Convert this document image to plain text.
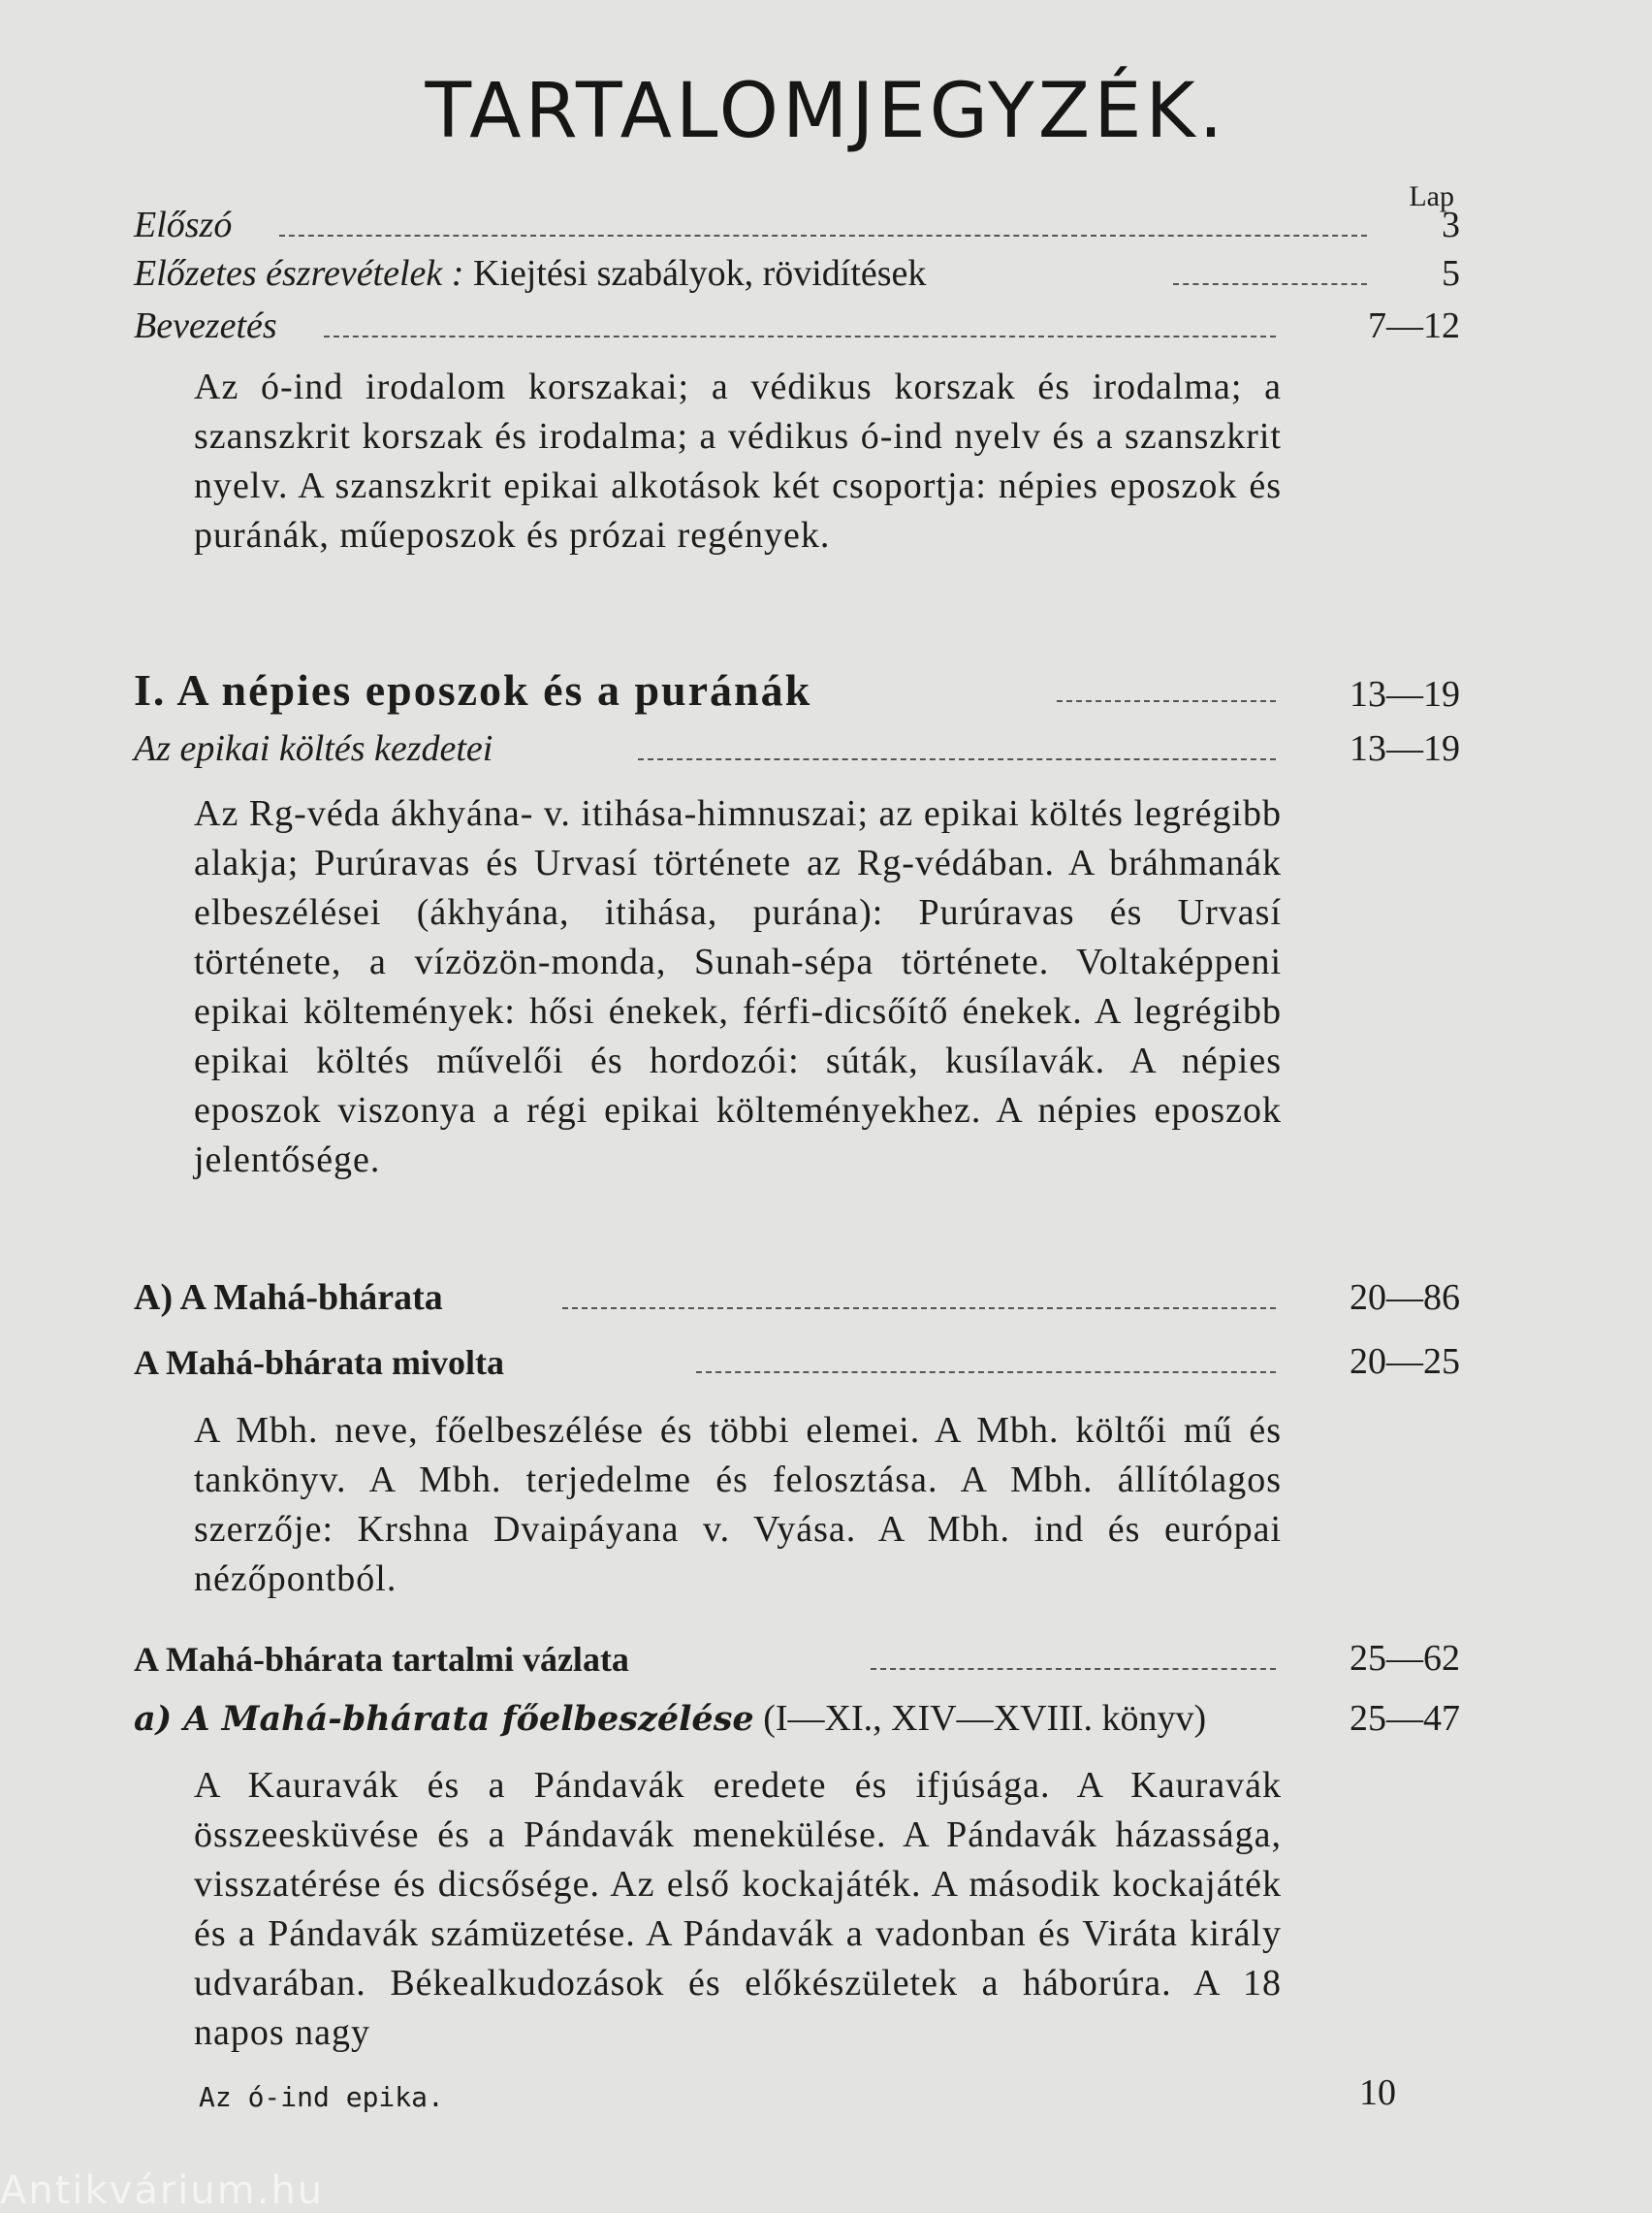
TARTALOMJEGYZÉK.
Lap
Előszó	3
Előzetes észrevételek : Kiejtési szabályok, rövidítések	5
Bevezetés	7—12
Az ó-ind irodalom korszakai; a védikus korszak és irodalma; a szanszkrit korszak és irodalma; a védikus ó-ind nyelv és a szanszkrit nyelv. A szanszkrit epikai alkotások két csoportja: népies eposzok és puránák, műeposzok és prózai regények.
I. A népies eposzok és a puránák	13—19
Az epikai költés kezdetei	13—19
Az Rg-véda ákhyána- v. itihása-himnuszai; az epikai költés legrégibb alakja; Purúravas és Urvasí története az Rg-védában. A bráhmanák elbeszélései (ákhyána, itihása, purána): Purúravas és Urvasí története, a vízözön-monda, Sunah-sépa története. Voltaképpeni epikai költemények: hősi énekek, férfi-dicsőítő énekek. A legrégibb epikai költés művelői és hordozói: súták, kusílavák. A népies eposzok viszonya a régi epikai költeményekhez. A népies eposzok jelentősége.
A) A Mahá-bhárata	20—86
A Mahá-bhárata mivolta	20—25
A Mbh. neve, főelbeszélése és többi elemei. A Mbh. költői mű és tankönyv. A Mbh. terjedelme és felosztása. A Mbh. állítólagos szerzője: Krshna Dvaipáyana v. Vyása. A Mbh. ind és európai nézőpontból.
A Mahá-bhárata tartalmi vázlata	25—62
a) A Mahá-bhárata főelbeszélése (I—XI., XIV—XVIII. könyv)	25—47
A Kauravák és a Pándavák eredete és ifjúsága. A Kauravák összeesküvése és a Pándavák menekülése. A Pándavák házassága, visszatérése és dicsősége. Az első kockajáték. A második kockajáték és a Pándavák számüzetése. A Pándavák a vadonban és Viráta király udvarában. Békealkudozások és előkészületek a háborúra. A 18 napos nagy
Az ó-ind epika.	10
Antikvárium.hu
